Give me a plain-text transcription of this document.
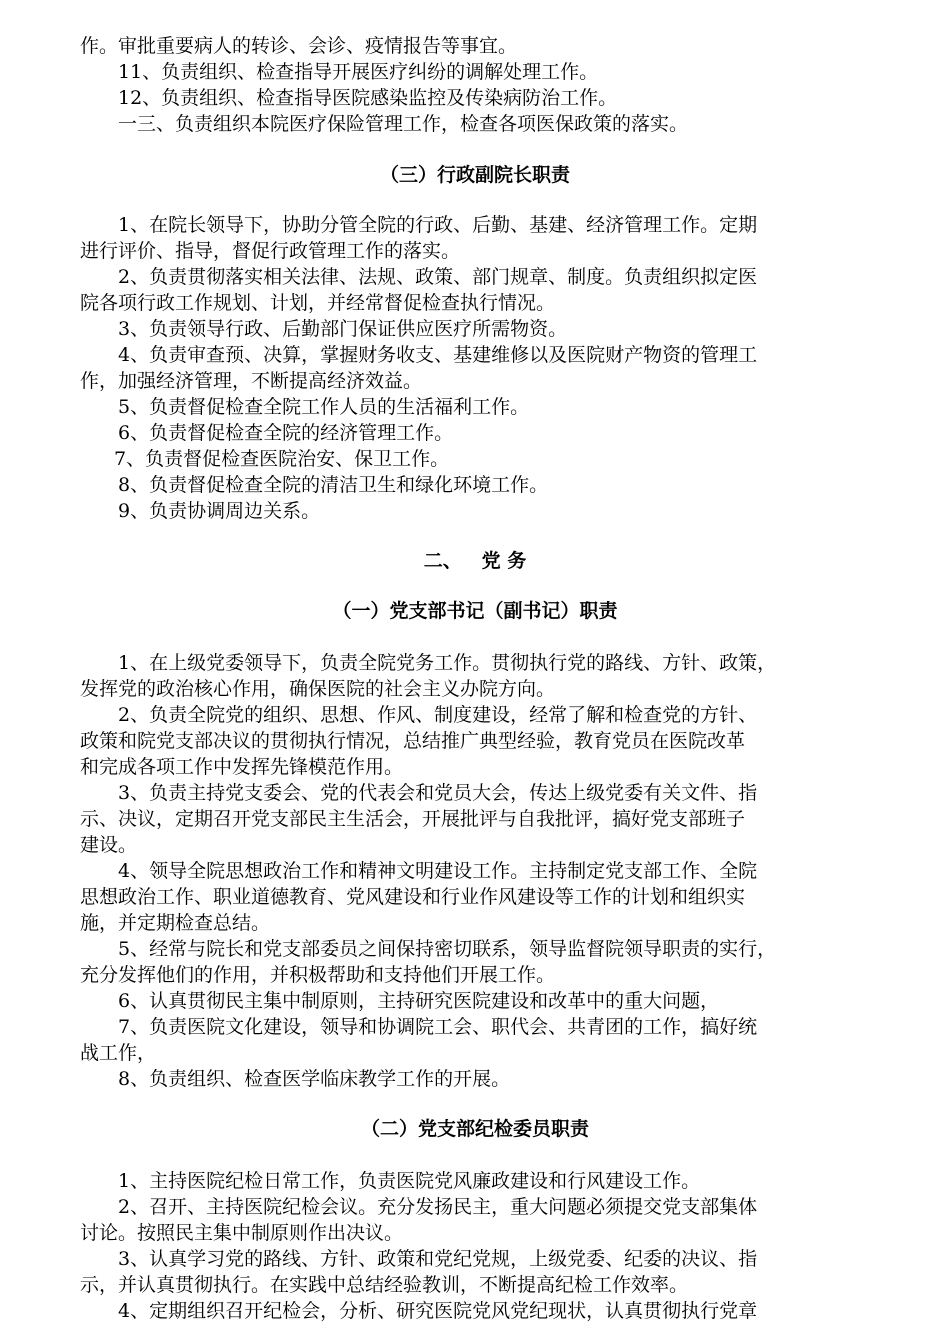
作。审批重要病人的转诊、会诊、疫情报告等事宜。
11、负责组织、检查指导开展医疗纠纷的调解处理工作。
12、负责组织、检查指导医院感染监控及传染病防治工作。
一三、负责组织本院医疗保险管理工作，检查各项医保政策的落实。
（三）行政副院长职责
1、在院长领导下，协助分管全院的行政、后勤、基建、经济管理工作。定期
进行评价、指导，督促行政管理工作的落实。
2、负责贯彻落实相关法律、法规、政策、部门规章、制度。负责组织拟定医
院各项行政工作规划、计划，并经常督促检查执行情况。
3、负责领导行政、后勤部门保证供应医疗所需物资。
4、负责审查预、决算，掌握财务收支、基建维修以及医院财产物资的管理工
作，加强经济管理，不断提高经济效益。
5、负责督促检查全院工作人员的生活福利工作。
6、负责督促检查全院的经济管理工作。
7、负责督促检查医院治安、保卫工作。
8、负责督促检查全院的清洁卫生和绿化环境工作。
9、负责协调周边关系。
二、   党 务
（一）党支部书记（副书记）职责
1、在上级党委领导下，负责全院党务工作。贯彻执行党的路线、方针、政策，
发挥党的政治核心作用，确保医院的社会主义办院方向。
2、负责全院党的组织、思想、作风、制度建设，经常了解和检查党的方针、
政策和院党支部决议的贯彻执行情况，总结推广典型经验，教育党员在医院改革
和完成各项工作中发挥先锋模范作用。
3、负责主持党支委会、党的代表会和党员大会，传达上级党委有关文件、指
示、决议，定期召开党支部民主生活会，开展批评与自我批评，搞好党支部班子
建设。
4、领导全院思想政治工作和精神文明建设工作。主持制定党支部工作、全院
思想政治工作、职业道德教育、党风建设和行业作风建设等工作的计划和组织实
施，并定期检查总结。
5、经常与院长和党支部委员之间保持密切联系，领导监督院领导职责的实行，
充分发挥他们的作用，并积极帮助和支持他们开展工作。
6、认真贯彻民主集中制原则，主持研究医院建设和改革中的重大问题，
7、负责医院文化建设，领导和协调院工会、职代会、共青团的工作，搞好统
战工作，
8、负责组织、检查医学临床教学工作的开展。
（二）党支部纪检委员职责
1、主持医院纪检日常工作，负责医院党风廉政建设和行风建设工作。
2、召开、主持医院纪检会议。充分发扬民主，重大问题必须提交党支部集体
讨论。按照民主集中制原则作出决议。
3、认真学习党的路线、方针、政策和党纪党规，上级党委、纪委的决议、指
示，并认真贯彻执行。在实践中总结经验教训，不断提高纪检工作效率。
4、定期组织召开纪检会，分析、研究医院党风党纪现状，认真贯彻执行党章
